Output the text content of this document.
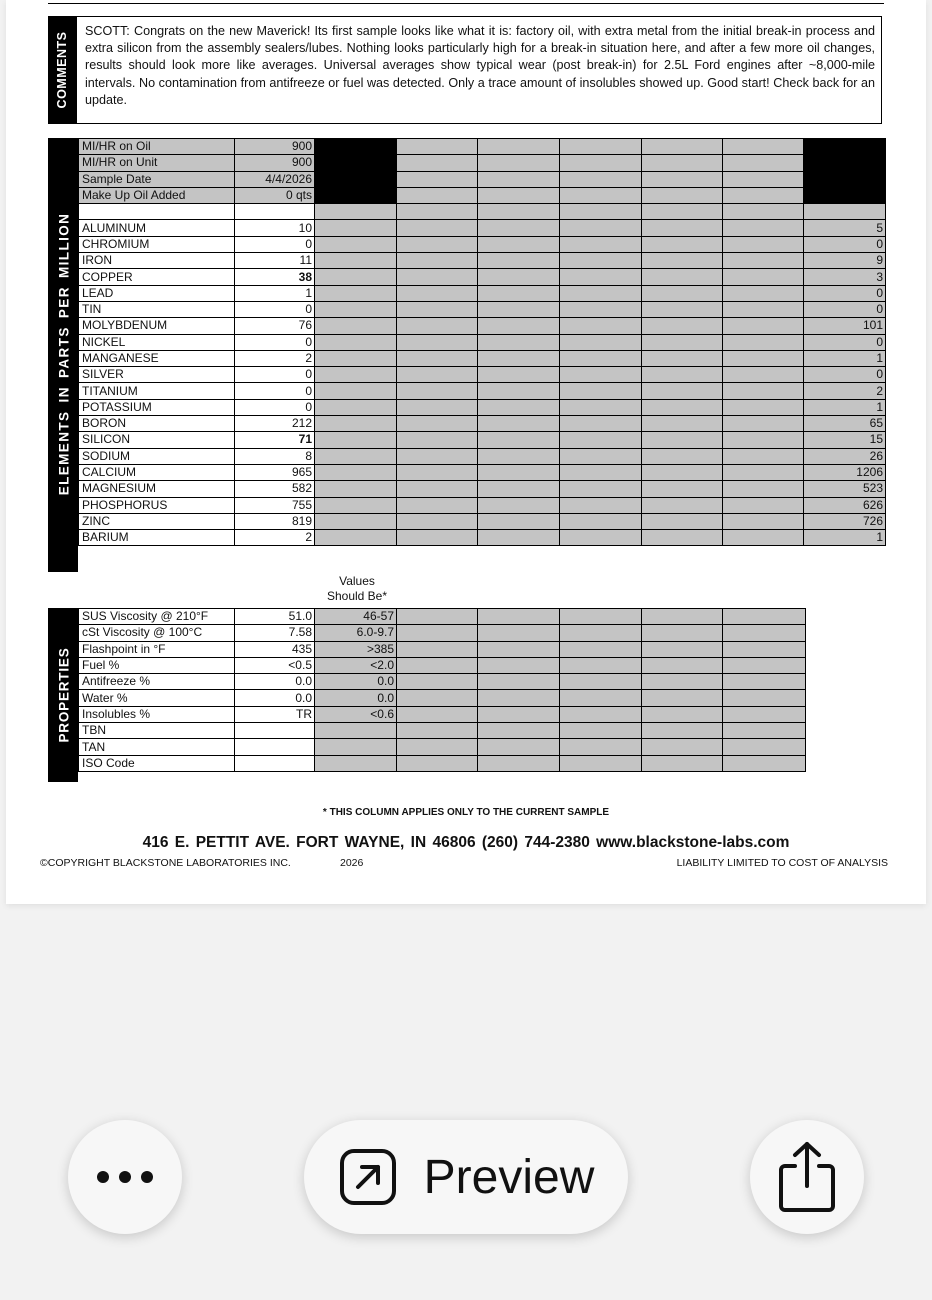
COMMENTS
SCOTT: Congrats on the new Maverick! Its first sample looks like what it is: factory oil, with extra metal from the initial break-in process and extra silicon from the assembly sealers/lubes. Nothing looks particularly high for a break-in situation here, and after a few more oil changes, results should look more like averages. Universal averages show typical wear (post break-in) for 2.5L Ford engines after ~8,000-mile intervals. No contamination from antifreeze or fuel was detected. Only a trace amount of insolubles showed up. Good start! Check back for an update.
ELEMENTS IN PARTS PER MILLION
MI/HR on Oil	900							
MI/HR on Unit	900							
Sample Date	4/4/2026							
Make Up Oil Added	0 qts							

ALUMINUM	10							5
CHROMIUM	0							0
IRON	11							9
COPPER	38							3
LEAD	1							0
TIN	0							0
MOLYBDENUM	76							101
NICKEL	0							0
MANGANESE	2							1
SILVER	0							0
TITANIUM	0							2
POTASSIUM	0							1
BORON	212							65
SILICON	71							15
SODIUM	8							26
CALCIUM	965							1206
MAGNESIUM	582							523
PHOSPHORUS	755							626
ZINC	819							726
BARIUM	2							1
Values
Should Be*
PROPERTIES
SUS Viscosity @ 210°F	51.0	46-57					
cSt Viscosity @ 100°C	7.58	6.0-9.7					
Flashpoint in °F	435	>385					
Fuel %	<0.5	<2.0					
Antifreeze %	0.0	0.0					
Water %	0.0	0.0					
Insolubles %	TR	<0.6					
TBN							
TAN							
ISO Code							
* THIS COLUMN APPLIES ONLY TO THE CURRENT SAMPLE
416 E. PETTIT AVE. FORT WAYNE, IN 46806 (260) 744-2380 www.blackstone-labs.com
©COPYRIGHT BLACKSTONE LABORATORIES INC.	2026	LIABILITY LIMITED TO COST OF ANALYSIS
Preview
